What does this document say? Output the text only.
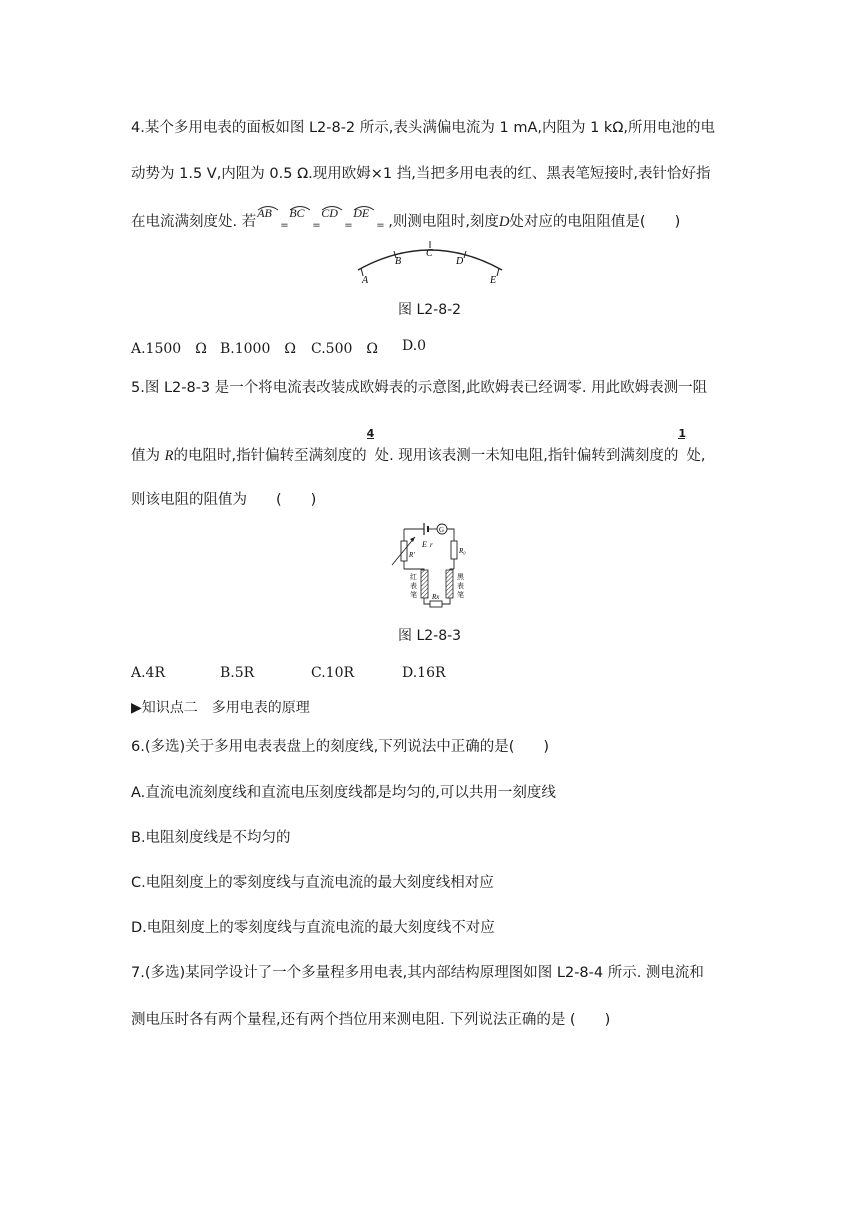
4.某个多用电表的面板如图 L2-8-2 所示,表头满偏电流为 1 mA,内阻为 1 kΩ,所用电池的电
动势为 1.5 V,内阻为 0.5 Ω.现用欧姆×1 挡,当把多用电表的红、黑表笔短接时,表针恰好指
在电流满刻度处. 若
AB
=
BC
=
CD
=
DE
= ,则测电阻时,刻度D处对应的电阻阻值是(　　)
A
B
C
D
E
图 L2-8-2
A.1500　Ω B.1000　Ω C.500　Ω D.0
5.图 L2-8-3 是一个将电流表改装成欧姆表的示意图,此欧姆表已经调零. 用此欧姆表测一阻
值为 R的电阻时,指针偏转至满刻度的
4
处. 现用该表测一未知电阻,指针偏转到满刻度的
1
处,
则该电阻的阻值为　　(　　)
G
E r
R'	R₀
Rx
红
表
笔
黑
表
笔
图 L2-8-3
A.4R	B.5R	C.10R	D.16R
▶知识点二　多用电表的原理
6.(多选)关于多用电表表盘上的刻度线,下列说法中正确的是(　　)
A.直流电流刻度线和直流电压刻度线都是均匀的,可以共用一刻度线
B.电阻刻度线是不均匀的
C.电阻刻度上的零刻度线与直流电流的最大刻度线相对应
D.电阻刻度上的零刻度线与直流电流的最大刻度线不对应
7.(多选)某同学设计了一个多量程多用电表,其内部结构原理图如图 L2-8-4 所示. 测电流和
测电压时各有两个量程,还有两个挡位用来测电阻. 下列说法正确的是 (　　)
